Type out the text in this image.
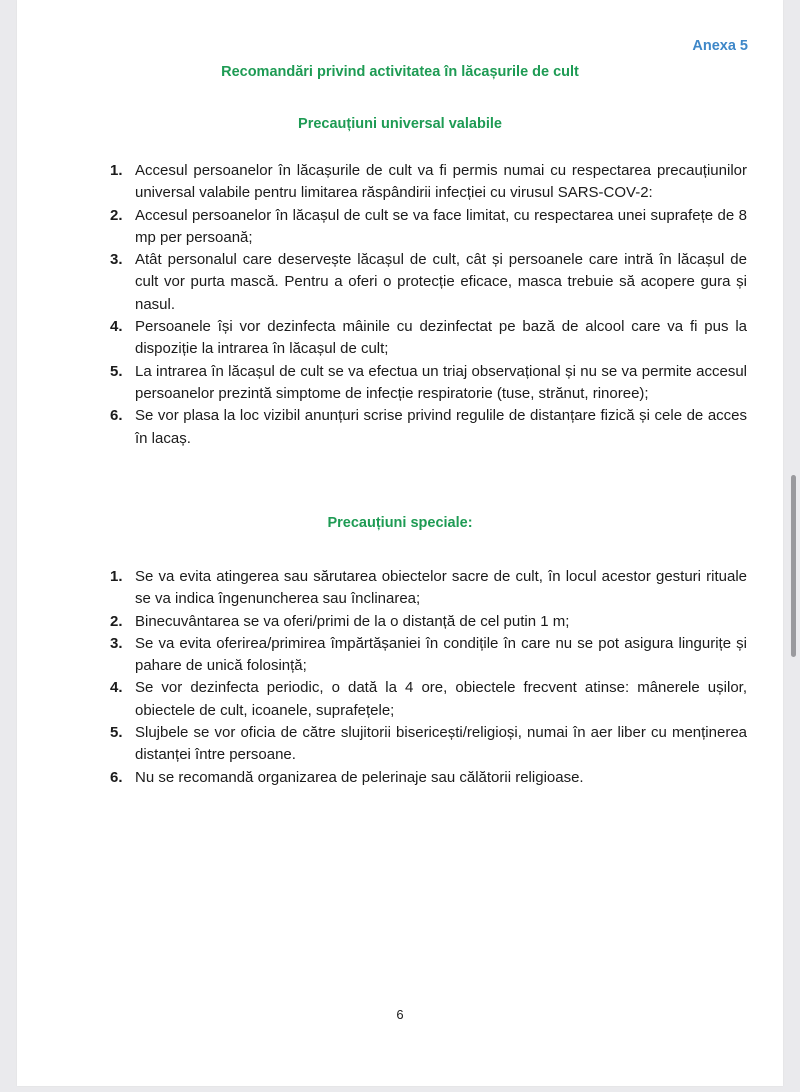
Anexa 5

Recomandări privind activitatea în lăcașurile de cult
Precauțiuni universal valabile
1. Accesul persoanelor în lăcașurile de cult va fi permis numai cu respectarea precauțiunilor universal valabile pentru limitarea răspândirii infecției cu virusul SARS-COV-2:
2. Accesul persoanelor în lăcașul de cult se va face limitat, cu respectarea unei suprafețe de 8 mp per persoană;
3. Atât personalul care deservește lăcașul de cult, cât și persoanele care intră în lăcașul de cult vor purta mască. Pentru a oferi o protecție eficace, masca trebuie să acopere gura și nasul.
4. Persoanele își vor dezinfecta mâinile cu dezinfectat pe bază de alcool care va fi pus la dispoziție la intrarea în lăcașul de cult;
5. La intrarea în lăcașul de cult se va efectua un triaj observațional și nu se va permite accesul persoanelor prezintă simptome de infecție respiratorie (tuse, strănut, rinoree);
6. Se vor plasa la loc vizibil anunțuri scrise privind regulile de distanțare fizică și cele de acces în lacaș.
Precauțiuni speciale:
1. Se va evita atingerea sau sărutarea obiectelor sacre de cult, în locul acestor gesturi rituale se va indica îngenuncherea sau înclinarea;
2. Binecuvântarea se va oferi/primi de la o distanță de cel putin 1 m;
3. Se va evita oferirea/primirea împărtășaniei în condițile în care nu se pot asigura lingurițe și pahare de unică folosință;
4. Se vor dezinfecta periodic, o dată la 4 ore, obiectele frecvent atinse: mânerele ușilor, obiectele de cult, icoanele, suprafețele;
5. Slujbele se vor oficia de către slujitorii bisericești/religioși, numai în aer liber cu menținerea distanței între persoane.
6. Nu se recomandă organizarea de pelerinaje sau călătorii religioase.

6
